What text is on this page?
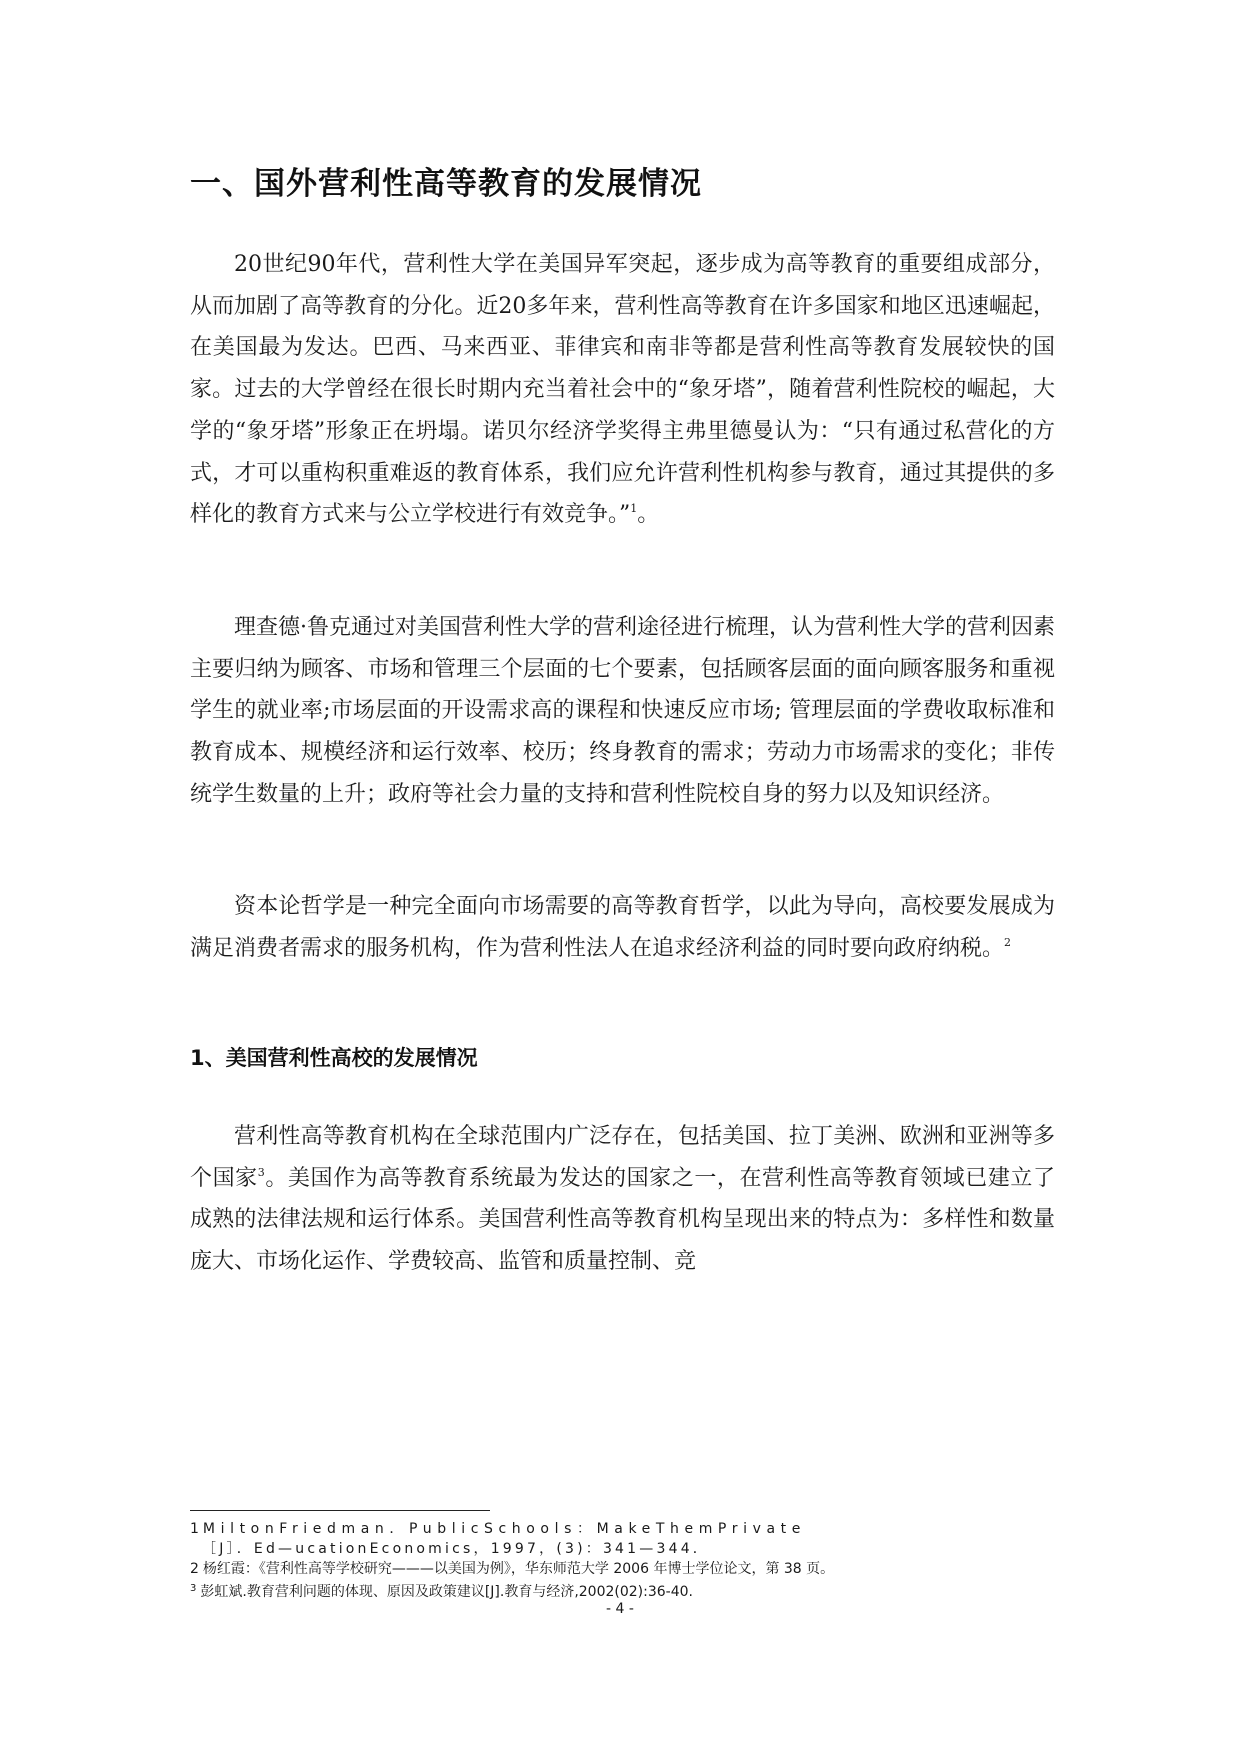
一、国外营利性高等教育的发展情况

20世纪90年代，营利性大学在美国异军突起，逐步成为高等教育的重要组成部分，从而加剧了高等教育的分化。近20多年来，营利性高等教育在许多国家和地区迅速崛起，在美国最为发达。巴西、马来西亚、菲律宾和南非等都是营利性高等教育发展较快的国家。过去的大学曾经在很长时期内充当着社会中的“象牙塔”，随着营利性院校的崛起，大学的“象牙塔”形象正在坍塌。诺贝尔经济学奖得主弗里德曼认为：“只有通过私营化的方式，才可以重构积重难返的教育体系，我们应允许营利性机构参与教育，通过其提供的多样化的教育方式来与公立学校进行有效竞争。”$^1$。

理查德·鲁克通过对美国营利性大学的营利途径进行梳理，认为营利性大学的营利因素主要归纳为顾客、市场和管理三个层面的七个要素，包括顾客层面的面向顾客服务和重视学生的就业率;市场层面的开设需求高的课程和快速反应市场; 管理层面的学费收取标准和教育成本、规模经济和运行效率、校历；终身教育的需求；劳动力市场需求的变化；非传统学生数量的上升；政府等社会力量的支持和营利性院校自身的努力以及知识经济。

资本论哲学是一种完全面向市场需要的高等教育哲学，以此为导向，高校要发展成为满足消费者需求的服务机构，作为营利性法人在追求经济利益的同时要向政府纳税。$^2$

1、美国营利性高校的发展情况

营利性高等教育机构在全球范围内广泛存在，包括美国、拉丁美洲、欧洲和亚洲等多个国家$^3$。美国作为高等教育系统最为发达的国家之一，在营利性高等教育领域已建立了成熟的法律法规和运行体系。美国营利性高等教育机构呈现出来的特点为：多样性和数量庞大、市场化运作、学费较高、监管和质量控制、竞

1 MiltonFriedman．PublicSchools：MakeThemPrivate

［J］．Ed—ucationEconomics，1997，(3)：341—344．

2 杨红霞：《营利性高等学校研究———以美国为例》，华东师范大学 2006 年博士学位论文，第 38 页。

$^3$ 彭虹斌.教育营利问题的体现、原因及政策建议[J].教育与经济,2002(02):36-40.

- 4 -
